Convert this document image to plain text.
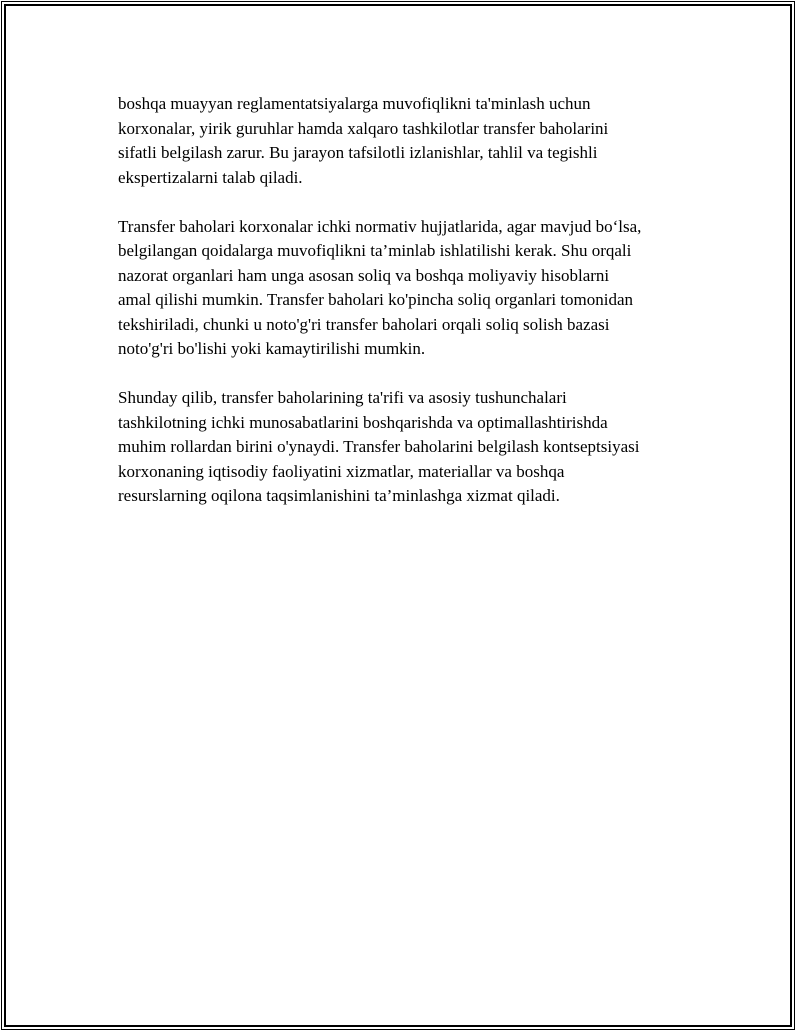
boshqa muayyan reglamentatsiyalarga muvofiqlikni ta'minlash uchun
korxonalar, yirik guruhlar hamda xalqaro tashkilotlar transfer baholarini
sifatli belgilash zarur. Bu jarayon tafsilotli izlanishlar, tahlil va tegishli
ekspertizalarni talab qiladi.

Transfer baholari korxonalar ichki normativ hujjatlarida, agar mavjud bo‘lsa,
belgilangan qoidalarga muvofiqlikni ta’minlab ishlatilishi kerak. Shu orqali
nazorat organlari ham unga asosan soliq va boshqa moliyaviy hisoblarni
amal qilishi mumkin. Transfer baholari ko'pincha soliq organlari tomonidan
tekshiriladi, chunki u noto'g'ri transfer baholari orqali soliq solish bazasi
noto'g'ri bo'lishi yoki kamaytirilishi mumkin.

Shunday qilib, transfer baholarining ta'rifi va asosiy tushunchalari
tashkilotning ichki munosabatlarini boshqarishda va optimallashtirishda
muhim rollardan birini o'ynaydi. Transfer baholarini belgilash kontseptsiyasi
korxonaning iqtisodiy faoliyatini xizmatlar, materiallar va boshqa
resurslarning oqilona taqsimlanishini ta’minlashga xizmat qiladi.
